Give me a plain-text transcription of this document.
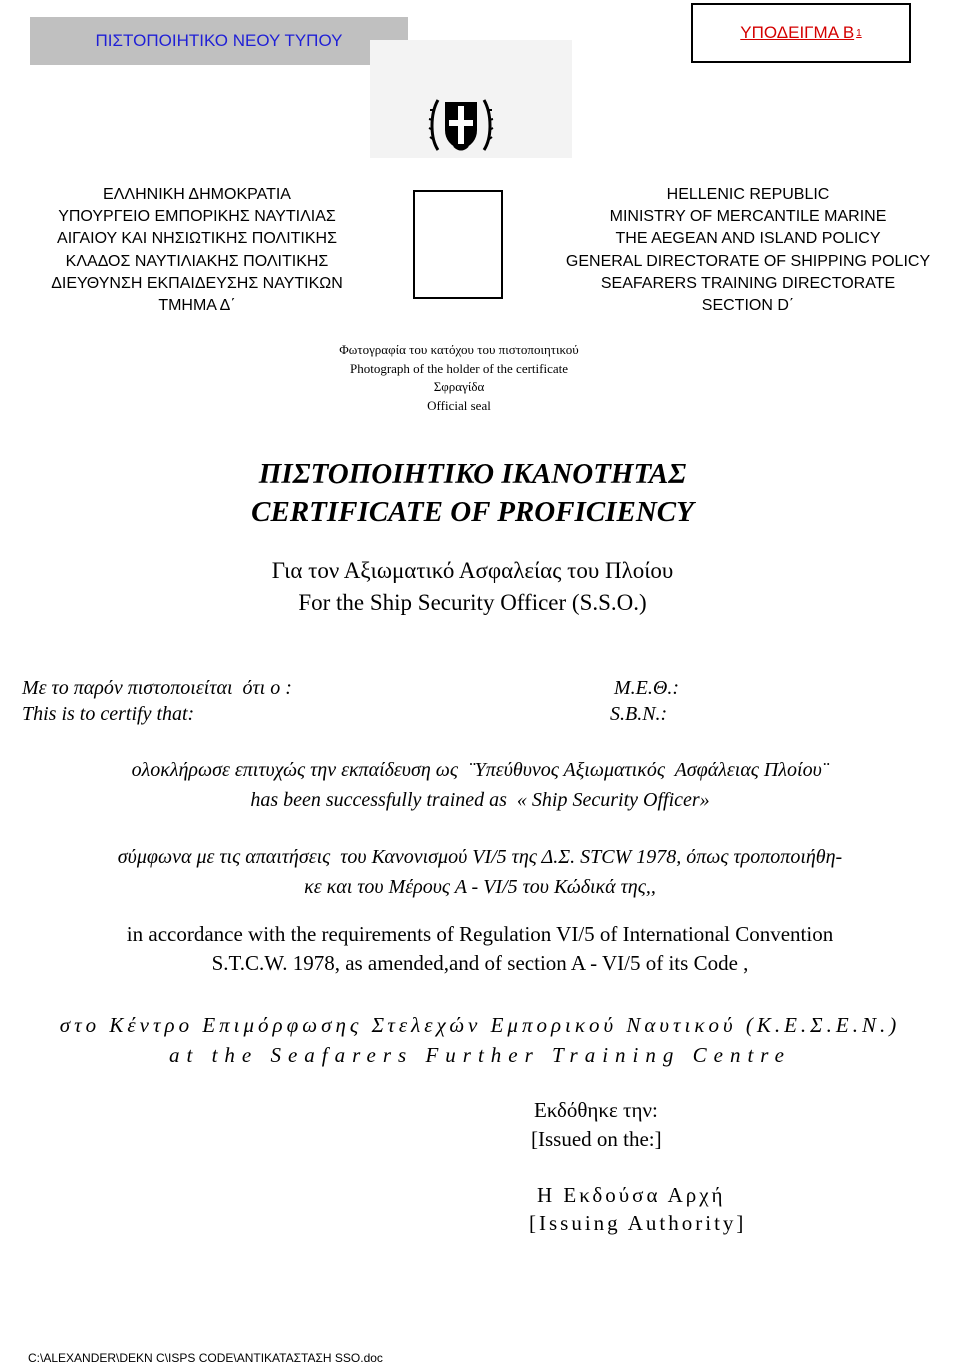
ΠΙΣΤΟΠΟΙΗΤΙΚΟ ΝΕΟΥ ΤΥΠΟΥ	ΥΠΟΔΕΙΓΜΑ Β 1
ΕΛΛΗΝΙΚΗ ΔΗΜΟΚΡΑΤΙΑ
ΥΠΟΥΡΓΕΙΟ ΕΜΠΟΡΙΚΗΣ ΝΑΥΤΙΛΙΑΣ
ΑΙΓΑΙΟΥ ΚΑΙ ΝΗΣΙΩΤΙΚΗΣ ΠΟΛΙΤΙΚΗΣ
ΚΛΑΔΟΣ ΝΑΥΤΙΛΙΑΚΗΣ ΠΟΛΙΤΙΚΗΣ
ΔΙΕΥΘΥΝΣΗ ΕΚΠΑΙΔΕΥΣΗΣ ΝΑΥΤΙΚΩΝ
ΤΜΗΜΑ Δ΄
HELLENIC REPUBLIC
MINISTRY OF MERCANTILE MARINE
THE AEGEAN AND ISLAND POLICY
GENERAL DIRECTORATE OF SHIPPING POLICY
SEAFARERS TRAINING DIRECTORATE
SECTION D΄
Φωτογραφία του κατόχου του πιστοποιητικού
Photograph of the holder of the certificate
Σφραγίδα
Official seal
ΠΙΣΤΟΠΟΙΗΤΙΚΟ ΙΚΑΝΟΤΗΤΑΣ
CERTIFICATE OF PROFICIENCY
Για τον Αξιωματικό Ασφαλείας του Πλοίου
For the Ship Security Officer (S.S.O.)
Με το παρόν πιστοποιείται  ότι ο :
This is to certify that:
Μ.Ε.Θ.:
S.B.N.:
ολοκλήρωσε επιτυχώς την εκπαίδευση ως  ¨Υπεύθυνος Αξιωματικός  Ασφάλειας Πλοίου¨
has been successfully trained as  « Ship Security Officer»
σύμφωνα με τις απαιτήσεις  του Κανονισμού VI/5 της Δ.Σ. STCW 1978, όπως τροποποιήθη-
κε και του Μέρους Α - VI/5 του Κώδικά της,,
in accordance with the requirements of Regulation VI/5 of International Convention
S.T.C.W. 1978, as amended,and of section A - VI/5 of its Code ,
στο Κέντρο Επιμόρφωσης Στελεχών Εμπορικού Ναυτικού (Κ.Ε.Σ.Ε.Ν.)
at the Seafarers Further Training Centre
Εκδόθηκε την:
[Issued on the:]
Η Εκδούσα Αρχή
[Issuing Authority]
C:\ALEXANDER\DEKN C\ISPS CODE\ΑΝΤΙΚΑΤΑΣΤΑΣΗ SSO.doc
